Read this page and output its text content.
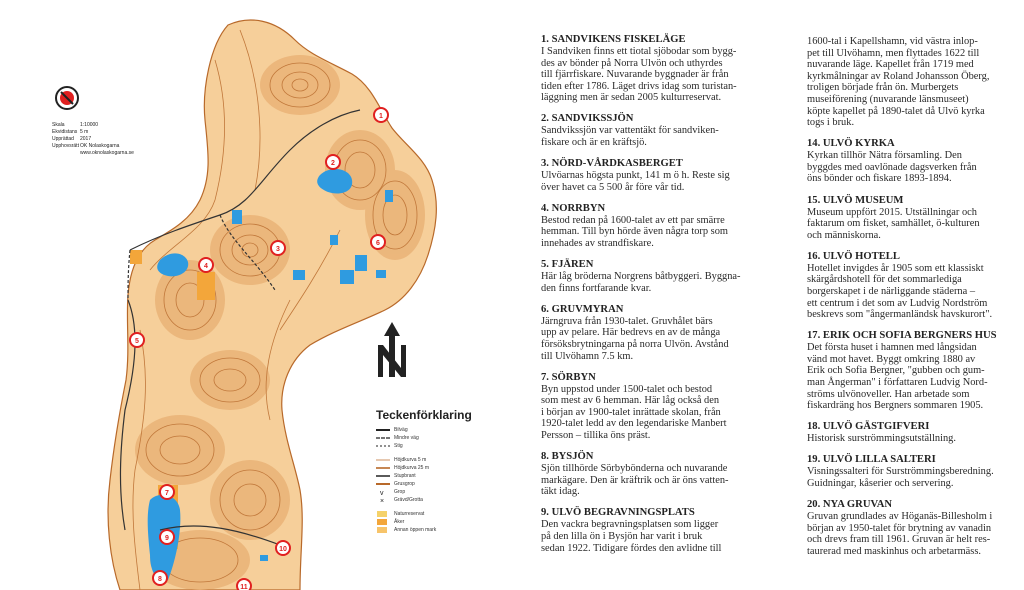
1
2
3
4
5
6
7
8
9
10
11
Skala	1:10000
Ekvidistans 5 m
Upprättad	2017
Upphovsrätt OK Nolaskogarna
www.oknolaskogarna.se
Teckenförklaring
Bilväg
Mindre väg
Stig
Höjdkurva 5 m
Höjdkurva 25 m
Stupbrant
Grusgrop
v Grop
× Grävd/Grotta
Naturreservat
Åker
Annan öppen mark
1. SANDVIKENS FISKELÄGE

I Sandviken finns ett tiotal sjöbodar som bygg-
des av bönder på Norra Ulvön och uthyrdes
till fjärrfiskare. Nuvarande byggnader är från
tiden efter 1786. Läget drivs idag som turistan-
läggning men är sedan 2005 kulturreservat.

2. SANDVIKSSJÖN

Sandvikssjön var vattentäkt för sandviken-
fiskare och är en kräftsjö.

3. NÖRD-VÅRDKASBERGET

Ulvöarnas högsta punkt, 141 m ö h. Reste sig
över havet ca 5 500 år före vår tid.

4. NORRBYN

Bestod redan på 1600-talet av ett par smärre
hemman. Till byn hörde även några torp som
innehades av strandfiskare.

5. FJÄREN

Här låg bröderna Norgrens båtbyggeri. Byggna-
den finns fortfarande kvar.

6. GRUVMYRAN

Järngruva från 1930-talet. Gruvhålet bärs
upp av pelare. Här bedrevs en av de många
försöksbrytningarna på norra Ulvön. Avstånd
till Ulvöhamn 7.5 km.

7. SÖRBYN

Byn uppstod under 1500-talet och bestod
som mest av 6 hemman. Här låg också den
i början av 1900-talet inrättade skolan, från
1920-talet ledd av den legendariske Manbert
Persson – tillika öns präst.

8. BYSJÖN

Sjön tillhörde Sörbybönderna och nuvarande
markägare. Den är kräftrik och är öns vatten-
täkt idag.

9. ULVÖ BEGRAVNINGSPLATS

Den vackra begravningsplatsen som ligger
på den lilla ön i Bysjön har varit i bruk
sedan 1922. Tidigare fördes den avlidne till

1600-tal i Kapellshamn, vid västra inlop-
pet till Ulvöhamn, men flyttades 1622 till
nuvarande läge. Kapellet från 1719 med
kyrkmålningar av Roland Johansson Öberg,
troligen började från ön. Murbergets
museiförening (nuvarande länsmuseet)
köpte kapellet på 1890-talet då Ulvö kyrka
togs i bruk.

14. ULVÖ KYRKA

Kyrkan tillhör Nätra församling. Den
byggdes med oavlönade dagsverken från
öns bönder och fiskare 1893-1894.

15. ULVÖ MUSEUM

Museum uppfört 2015. Utställningar och
faktarum om fisket, samhället, ö-kulturen
och människorna.

16. ULVÖ HOTELL

Hotellet invigdes år 1905 som ett klassiskt
skärgårdshotell för det sommarlediga
borgerskapet i de närliggande städerna –
ett centrum i det som av Ludvig Nordström
beskrevs som "ångermanländsk havskurort".

17. ERIK OCH SOFIA BERGNERS HUS

Det första huset i hamnen med långsidan
vänd mot havet. Byggt omkring 1880 av
Erik och Sofia Bergner, "gubben och gum-
man Ångerman" i författaren Ludvig Nord-
ströms ulvönoveller. Han arbetade som
fiskardräng hos Bergners sommaren 1905.

18. ULVÖ GÄSTGIFVERI

Historisk surströmmingsutställning.

19. ULVÖ LILLA SALTERI

Visningssalteri för Surströmmingsberedning.
Guidningar, kåserier och servering.

20. NYA GRUVAN

Gruvan grundlades av Höganäs-Billesholm i
början av 1950-talet för brytning av vanadin
och drevs fram till 1961. Gruvan är helt res-
taurerad med maskinhus och arbetarmäss.
